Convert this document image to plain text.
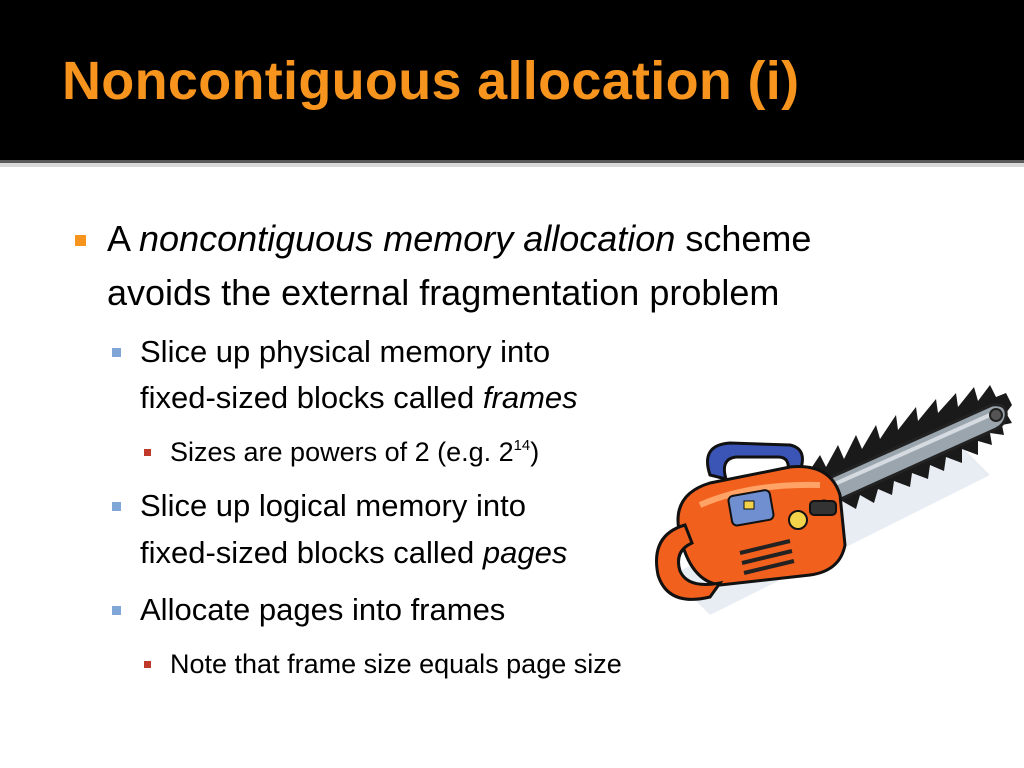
Noncontiguous allocation (i)

A noncontiguous memory allocation scheme

avoids the external fragmentation problem

Slice up physical memory into

fixed-sized blocks called frames

Sizes are powers of 2 (e.g. $2^{14}$)

Slice up logical memory into

fixed-sized blocks called pages

Allocate pages into frames

Note that frame size equals page size
